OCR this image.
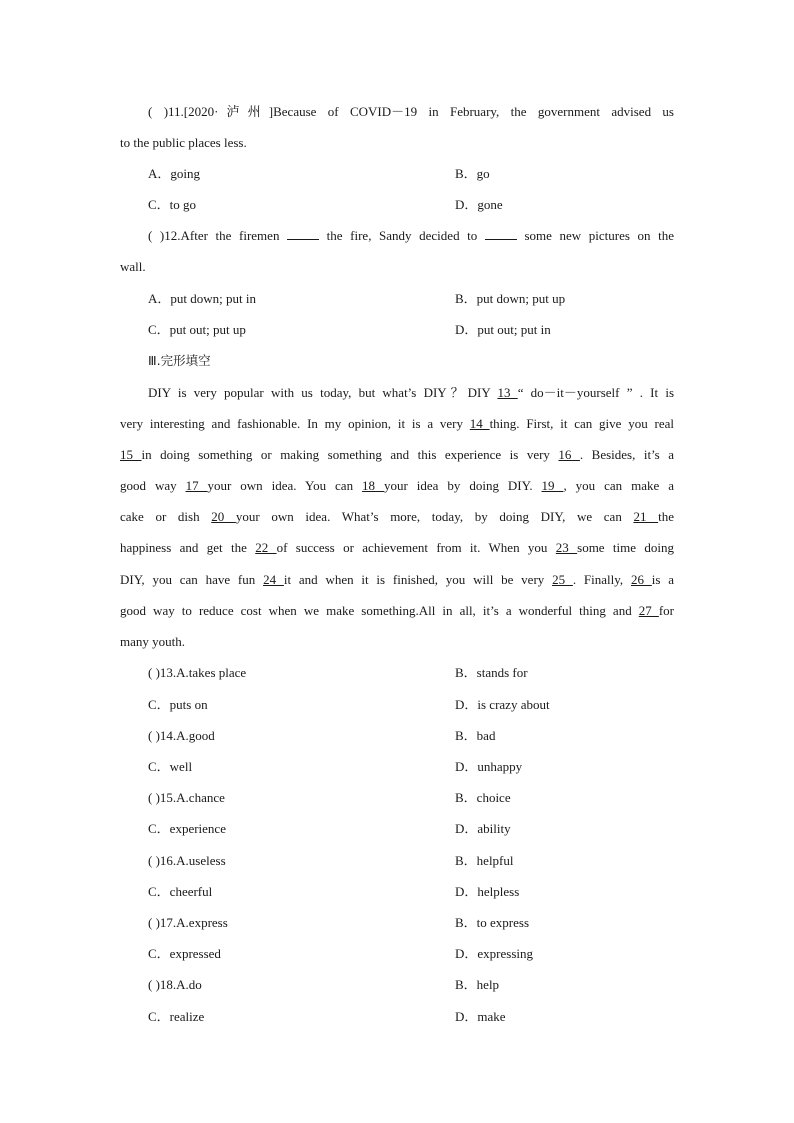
( )11.[2020·泸州]Because of COVID－19 in February, the government advised us
to the public places less.
A．going	B．go
C．to go	D．gone
( )12.After the firemen	the fire, Sandy decided to	some new pictures on the
wall.
A．put down; put in	B．put down; put up
C．put out; put up	D．put out; put in
Ⅲ.完形填空
DIY is very popular with us today, but what’s DIY？DIY 13 “ do－it－yourself ” . It is
very interesting and fashionable. In my opinion, it is a very 14 thing. First, it can give you real
15 in doing something or making something and this experience is very 16 . Besides, it’s a
good way 17 your own idea. You can 18 your idea by doing DIY. 19 , you can make a
cake or dish 20 your own idea. What’s more, today, by doing DIY, we can 21 the
happiness and get the 22 of success or achievement from it. When you 23 some time doing
DIY, you can have fun 24 it and when it is finished, you will be very 25 . Finally, 26 is a
good way to reduce cost when we make something.All in all, it’s a wonderful thing and 27 for
many youth.
( )13.A.takes place	B．stands for
C．puts on	D．is crazy about
( )14.A.good	B．bad
C．well	D．unhappy
( )15.A.chance	B．choice
C．experience	D．ability
( )16.A.useless	B．helpful
C．cheerful	D．helpless
( )17.A.express	B．to express
C．expressed	D．expressing
( )18.A.do	B．help
C．realize	D．make
